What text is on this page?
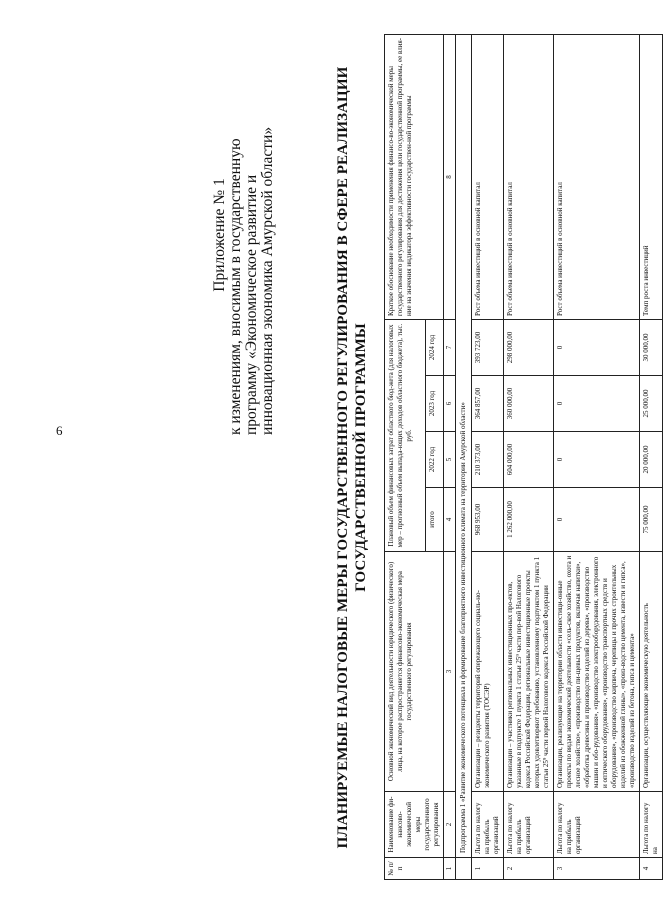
6
Приложение № 1 к изменениям, вносимым в государственную программу «Экономическое развитие и инновационная экономика Амурской области»	ПЛАНИРУЕМЫЕ НАЛОГОВЫЕ МЕРЫ ГОСУДАРСТВЕННОГО РЕГУЛИРОВАНИЯ В СФЕРЕ РЕАЛИЗАЦИИ ГОСУДАРСТВЕННОЙ ПРОГРАММЫ
№ п/п	Наименование фи-нансово-экономической меры государственного регулирования	Основной экономический вид деятельности юридического (физического) лица, на которое распространяется финансово-экономическая мера государственного регулирования	Плановый объем финансовых затрат областного бюд-жета (для налоговых мер – прогнозный объем выпада-ющих доходов областного бюджета), тыс. руб.				Краткое обоснование необходимости применения финансо-во-экономической меры государственного регулирования для достижения цели государственной программы, ее влия-ние на значения индикатора эффективности государствен-ной программы
			итого	2022 год	2023 год	2024 год	
1	2	3	4	5	6	7	8
	Подпрограмма 1 «Развитие экономического потенциала и формирование благоприятного инвестиционного климата на территории Амурской области»						
1	Льгота по налогу на прибыль организаций	Организации – резиденты территорий опережающего социаль-но-экономического развития (ТОСЭР)	968 953,00	210 373,00	364 857,00	393 723,00	Рост объема инвестиций в основной капитал
2	Льгота по налогу на прибыль организаций	Организации – участники региональных инвестиционных про-ектов, указанные в подпункте 1 пункта 1 статьи 25⁹ части пер-вой Налогового кодекса Российской Федерации, региональные инвестиционные проекты которых удовлетворяют требованию, установленному подпунктом 1 пункта 1 статьи 25⁹ части первой Налогового кодекса Российской Федерации	1 262 000,00	604 000,00	360 000,00	298 000,00	Рост объема инвестиций в основной капитал
3	Льгота по налогу на прибыль организаций	Организации, реализующие на территории области инвестици-онные проекты по видам экономической деятельности «сель-ское хозяйство, охота и лесное хозяйство», «производство пи-щевых продуктов, включая напитки», «обработка древесины и производство изделий из дерева», «производство машин и обо-рудования», «производство электрооборудования, электронного и оптического оборудования», «производство транспортных средств и оборудования», «производство кирпича, черепицы и прочих строительных изделий из обожженной глины», «произ-водство цемента, извести и гипса», «производство изделий из бетона, гипса и цемента»	0	0	0	0	Рост объема инвестиций в основной капитал
4	Льгота по налогу на	Организации, осуществляющие экономическую деятельность	75 000,00	20 000,00	25 000,00	30 000,00	Темп роста инвестиций
